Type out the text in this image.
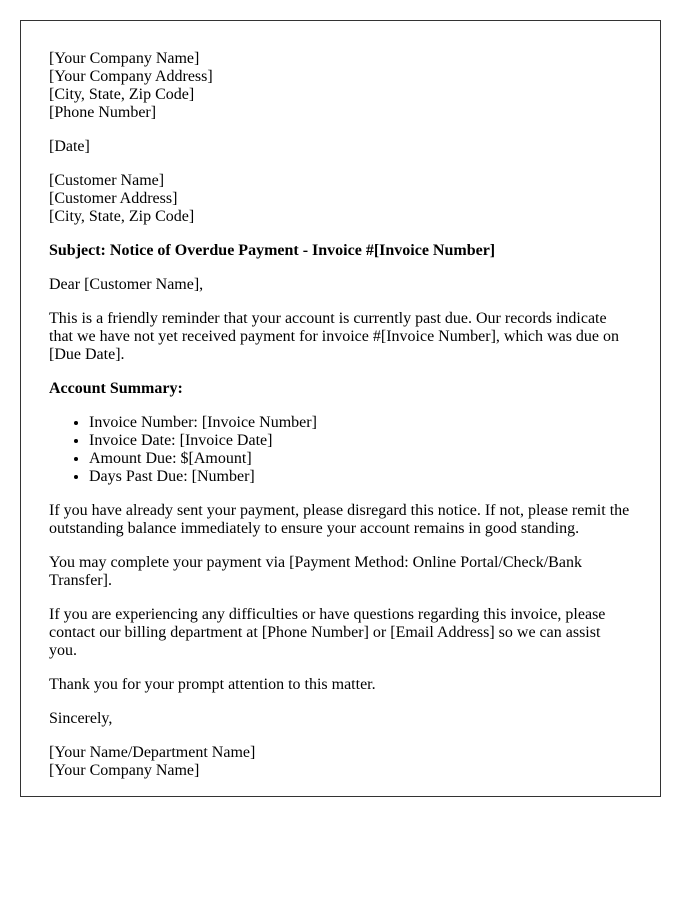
[Your Company Name]
[Your Company Address]
[City, State, Zip Code]
[Phone Number]

[Date]

[Customer Name]
[Customer Address]
[City, State, Zip Code]

Subject: Notice of Overdue Payment - Invoice #[Invoice Number]

Dear [Customer Name],

This is a friendly reminder that your account is currently past due. Our records indicate that we have not yet received payment for invoice #[Invoice Number], which was due on [Due Date].

Account Summary:

• Invoice Number: [Invoice Number]
• Invoice Date: [Invoice Date]
• Amount Due: $[Amount]
• Days Past Due: [Number]

If you have already sent your payment, please disregard this notice. If not, please remit the outstanding balance immediately to ensure your account remains in good standing.

You may complete your payment via [Payment Method: Online Portal/Check/Bank Transfer].

If you are experiencing any difficulties or have questions regarding this invoice, please contact our billing department at [Phone Number] or [Email Address] so we can assist you.

Thank you for your prompt attention to this matter.

Sincerely,

[Your Name/Department Name]
[Your Company Name]
